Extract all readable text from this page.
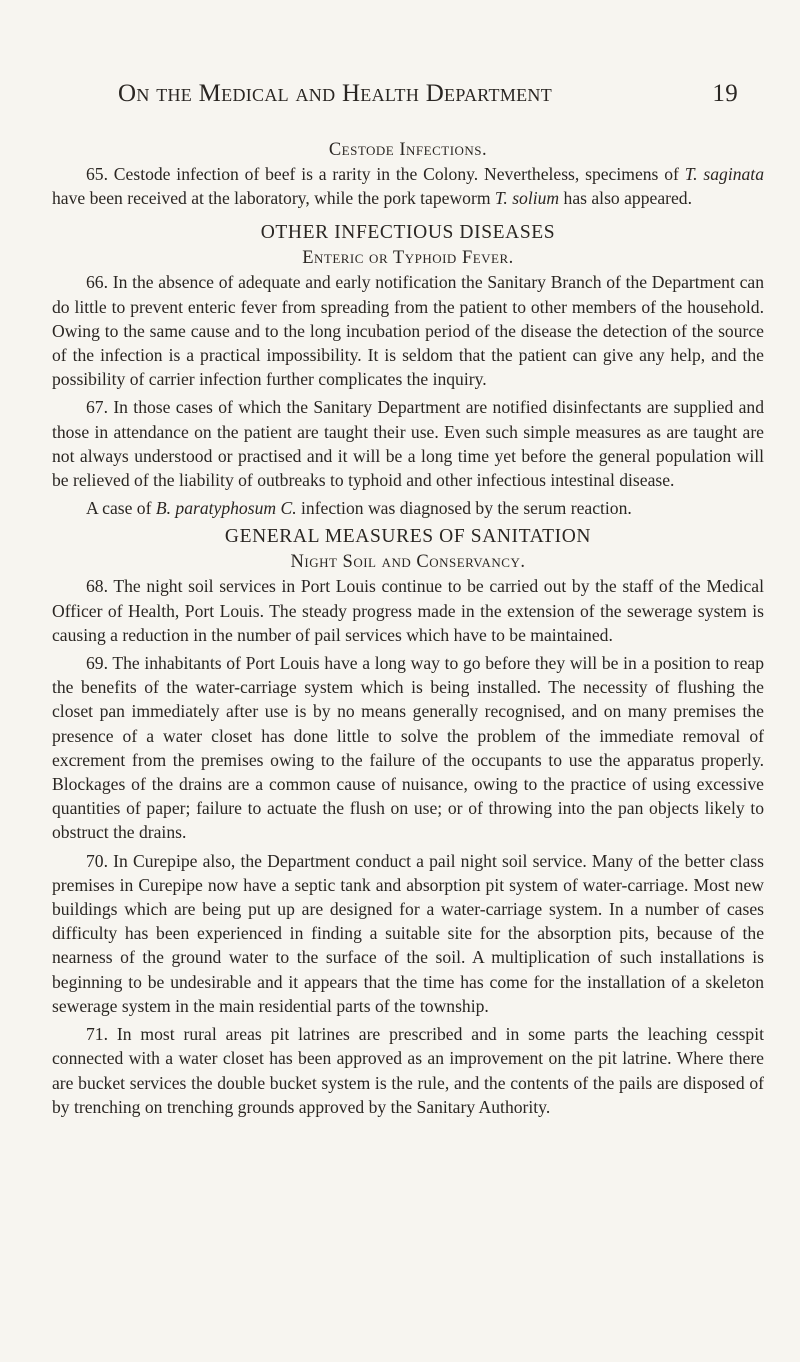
On the Medical and Health Department	19
Cestode Infections.

65. Cestode infection of beef is a rarity in the Colony. Nevertheless, specimens of T. saginata have been received at the laboratory, while the pork tapeworm T. solium has also appeared.

OTHER INFECTIOUS DISEASES
Enteric or Typhoid Fever.

66. In the absence of adequate and early notification the Sanitary Branch of the Department can do little to prevent enteric fever from spreading from the patient to other members of the household. Owing to the same cause and to the long incubation period of the disease the detection of the source of the infection is a practical impossibility. It is seldom that the patient can give any help, and the possibility of carrier infection further complicates the inquiry.

67. In those cases of which the Sanitary Department are notified disinfectants are supplied and those in attendance on the patient are taught their use. Even such simple measures as are taught are not always understood or practised and it will be a long time yet before the general population will be relieved of the liability of outbreaks to typhoid and other infectious intestinal disease.

A case of B. paratyphosum C. infection was diagnosed by the serum reaction.

GENERAL MEASURES OF SANITATION
Night Soil and Conservancy.

68. The night soil services in Port Louis continue to be carried out by the staff of the Medical Officer of Health, Port Louis. The steady progress made in the extension of the sewerage system is causing a reduction in the number of pail services which have to be maintained.

69. The inhabitants of Port Louis have a long way to go before they will be in a position to reap the benefits of the water-carriage system which is being installed. The necessity of flushing the closet pan immediately after use is by no means generally recognised, and on many premises the presence of a water closet has done little to solve the problem of the immediate removal of excrement from the premises owing to the failure of the occupants to use the apparatus properly. Blockages of the drains are a common cause of nuisance, owing to the practice of using excessive quantities of paper; failure to actuate the flush on use; or of throwing into the pan objects likely to obstruct the drains.

70. In Curepipe also, the Department conduct a pail night soil service. Many of the better class premises in Curepipe now have a septic tank and absorption pit system of water-carriage. Most new buildings which are being put up are designed for a water-carriage system. In a number of cases difficulty has been experienced in finding a suitable site for the absorption pits, because of the nearness of the ground water to the surface of the soil. A multiplication of such installations is beginning to be undesirable and it appears that the time has come for the installation of a skeleton sewerage system in the main residential parts of the township.

71. In most rural areas pit latrines are prescribed and in some parts the leaching cesspit connected with a water closet has been approved as an improvement on the pit latrine. Where there are bucket services the double bucket system is the rule, and the contents of the pails are disposed of by trenching on trenching grounds approved by the Sanitary Authority.
